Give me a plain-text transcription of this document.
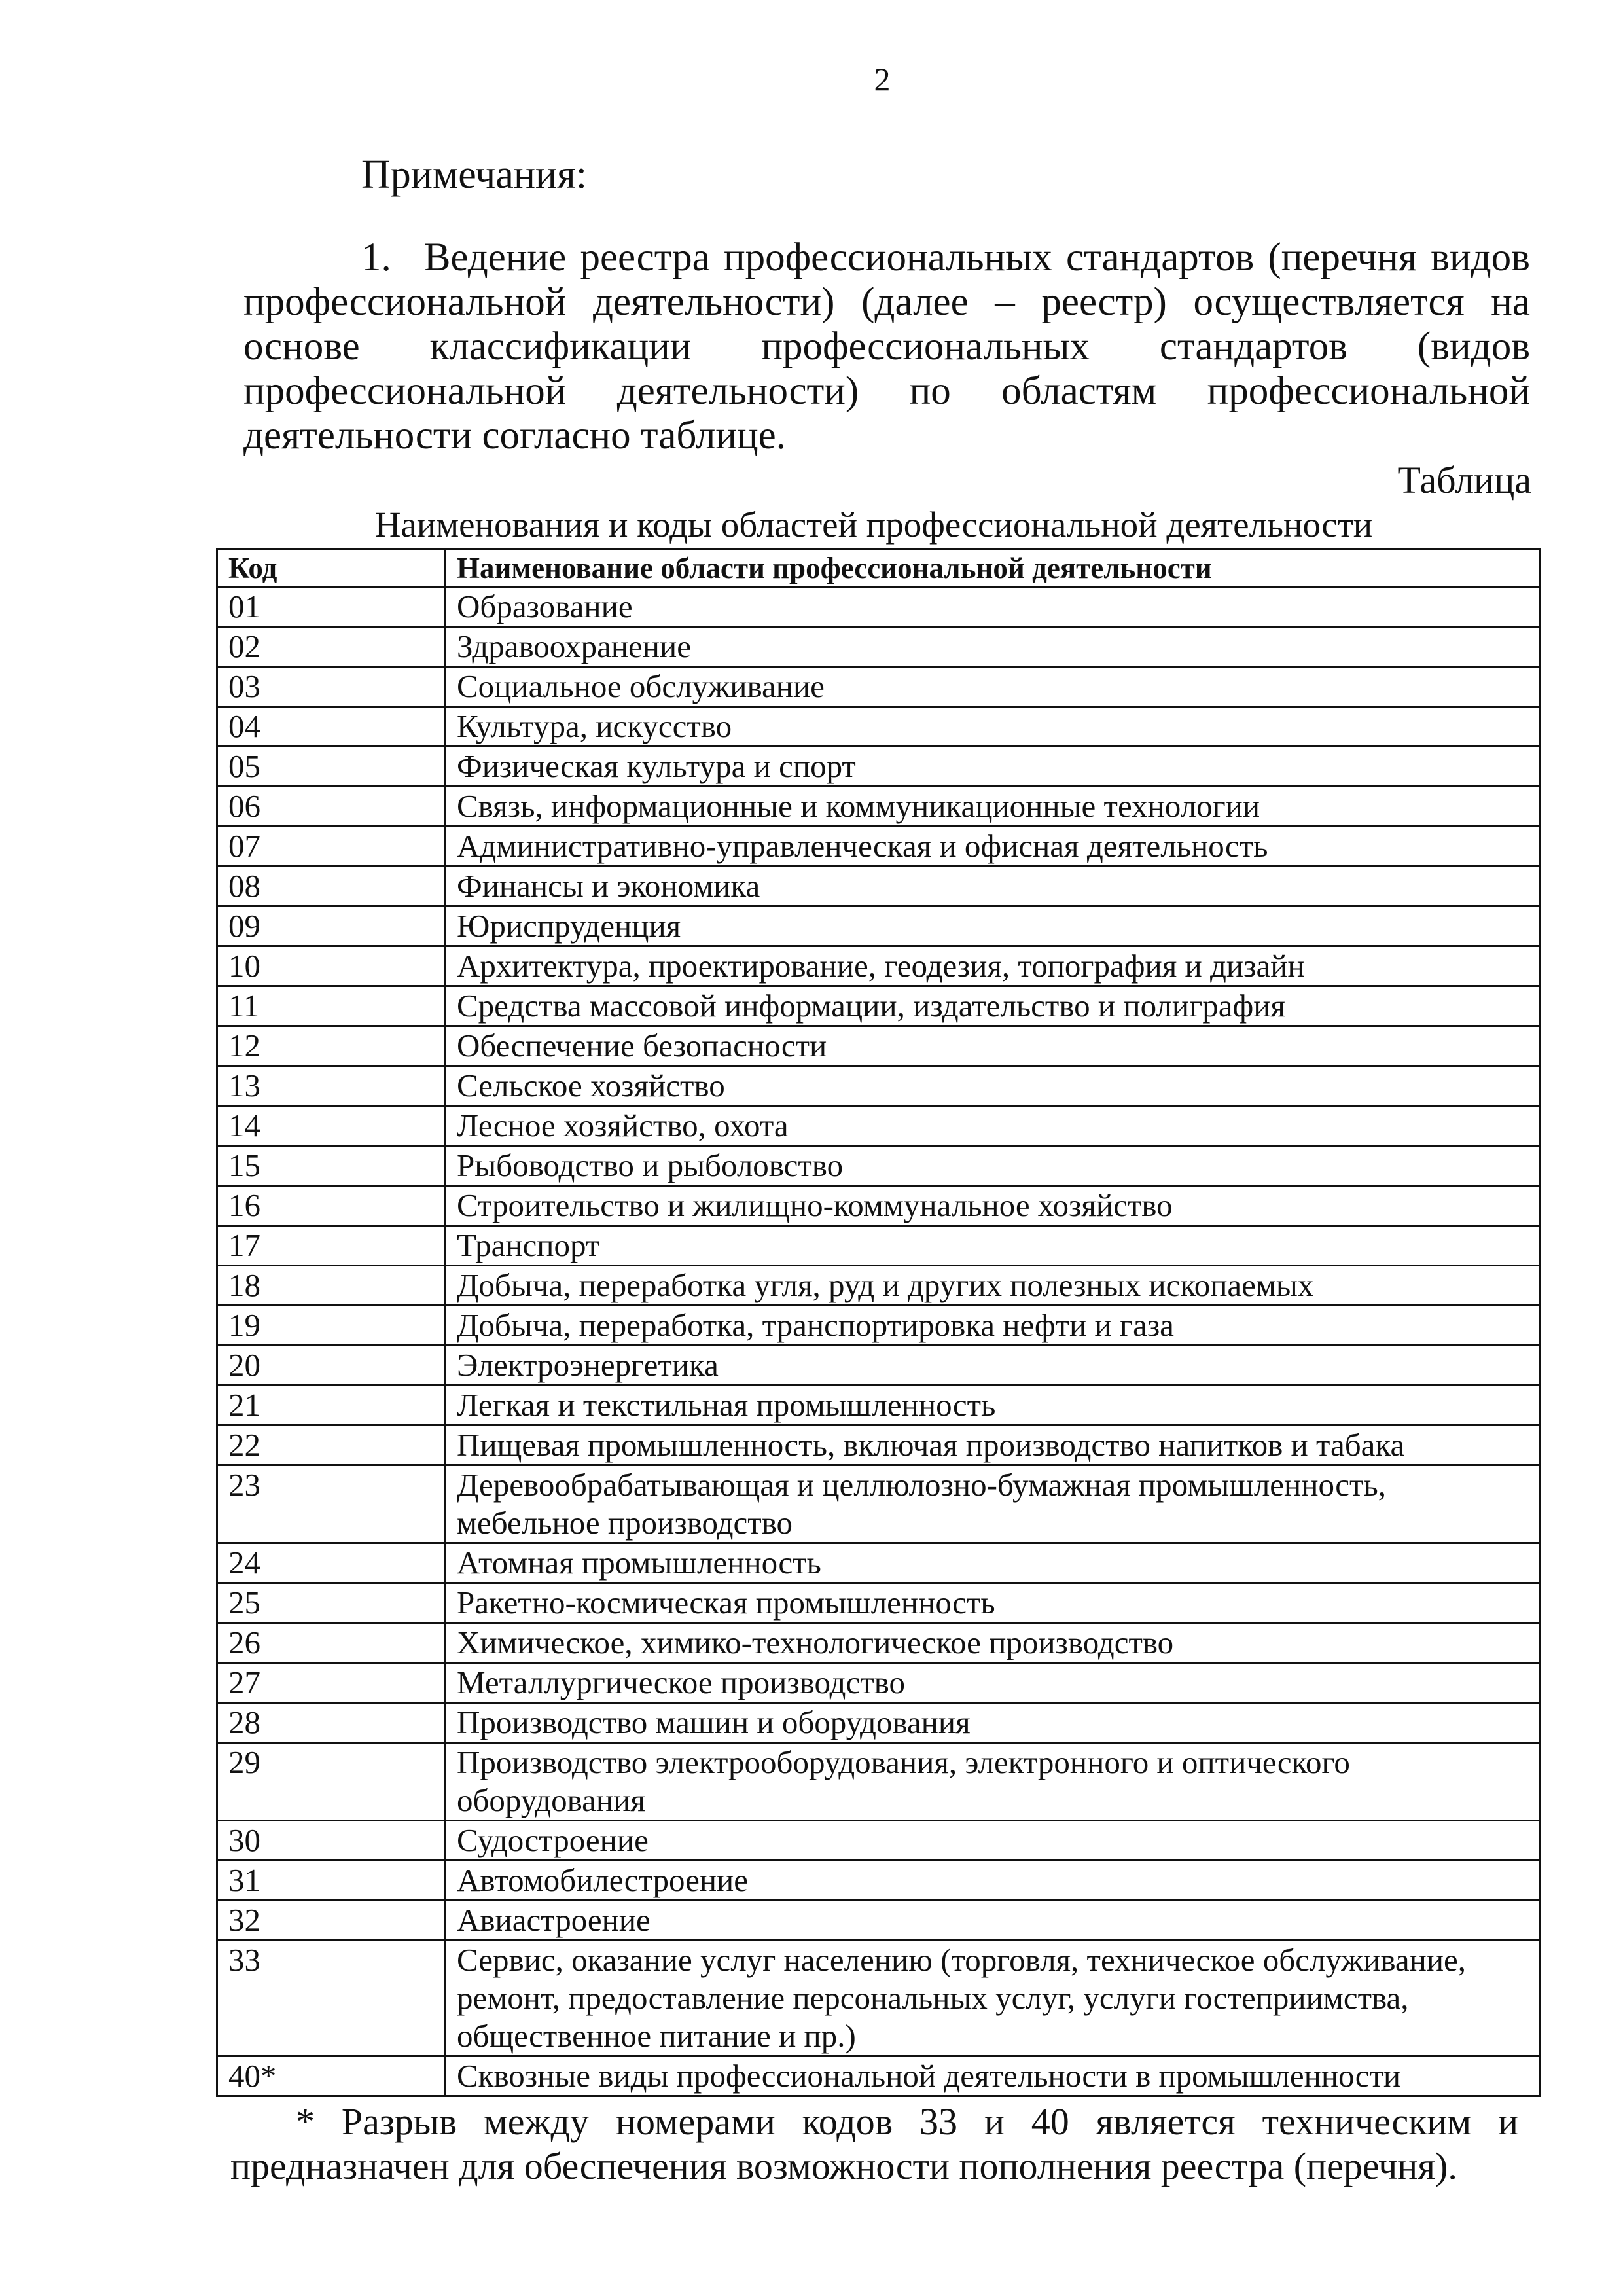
2
Примечания:
1. Ведение реестра профессиональных стандартов (перечня видов профессиональной деятельности) (далее – реестр) осуществляется на основе классификации профессиональных стандартов (видов профессиональной деятельности) по областям профессиональной деятельности согласно таблице.
Таблица
Наименования и коды областей профессиональной деятельности
Код	Наименование области профессиональной деятельности
01	Образование
02	Здравоохранение
03	Социальное обслуживание
04	Культура, искусство
05	Физическая культура и спорт
06	Связь, информационные и коммуникационные технологии
07	Административно-управленческая и офисная деятельность
08	Финансы и экономика
09	Юриспруденция
10	Архитектура, проектирование, геодезия, топография и дизайн
11	Средства массовой информации, издательство и полиграфия
12	Обеспечение безопасности
13	Сельское хозяйство
14	Лесное хозяйство, охота
15	Рыбоводство и рыболовство
16	Строительство и жилищно-коммунальное хозяйство
17	Транспорт
18	Добыча, переработка угля, руд и других полезных ископаемых
19	Добыча, переработка, транспортировка нефти и газа
20	Электроэнергетика
21	Легкая и текстильная промышленность
22	Пищевая промышленность, включая производство напитков и табака
23	Деревообрабатывающая и целлюлозно-бумажная промышленность, мебельное производство
24	Атомная промышленность
25	Ракетно-космическая промышленность
26	Химическое, химико-технологическое производство
27	Металлургическое производство
28	Производство машин и оборудования
29	Производство электрооборудования, электронного и оптического оборудования
30	Судостроение
31	Автомобилестроение
32	Авиастроение
33	Сервис, оказание услуг населению (торговля, техническое обслуживание, ремонт, предоставление персональных услуг, услуги гостеприимства, общественное питание и пр.)
40*	Сквозные виды профессиональной деятельности в промышленности
* Разрыв между номерами кодов 33 и 40 является техническим и предназначен для обеспечения возможности пополнения реестра (перечня).
